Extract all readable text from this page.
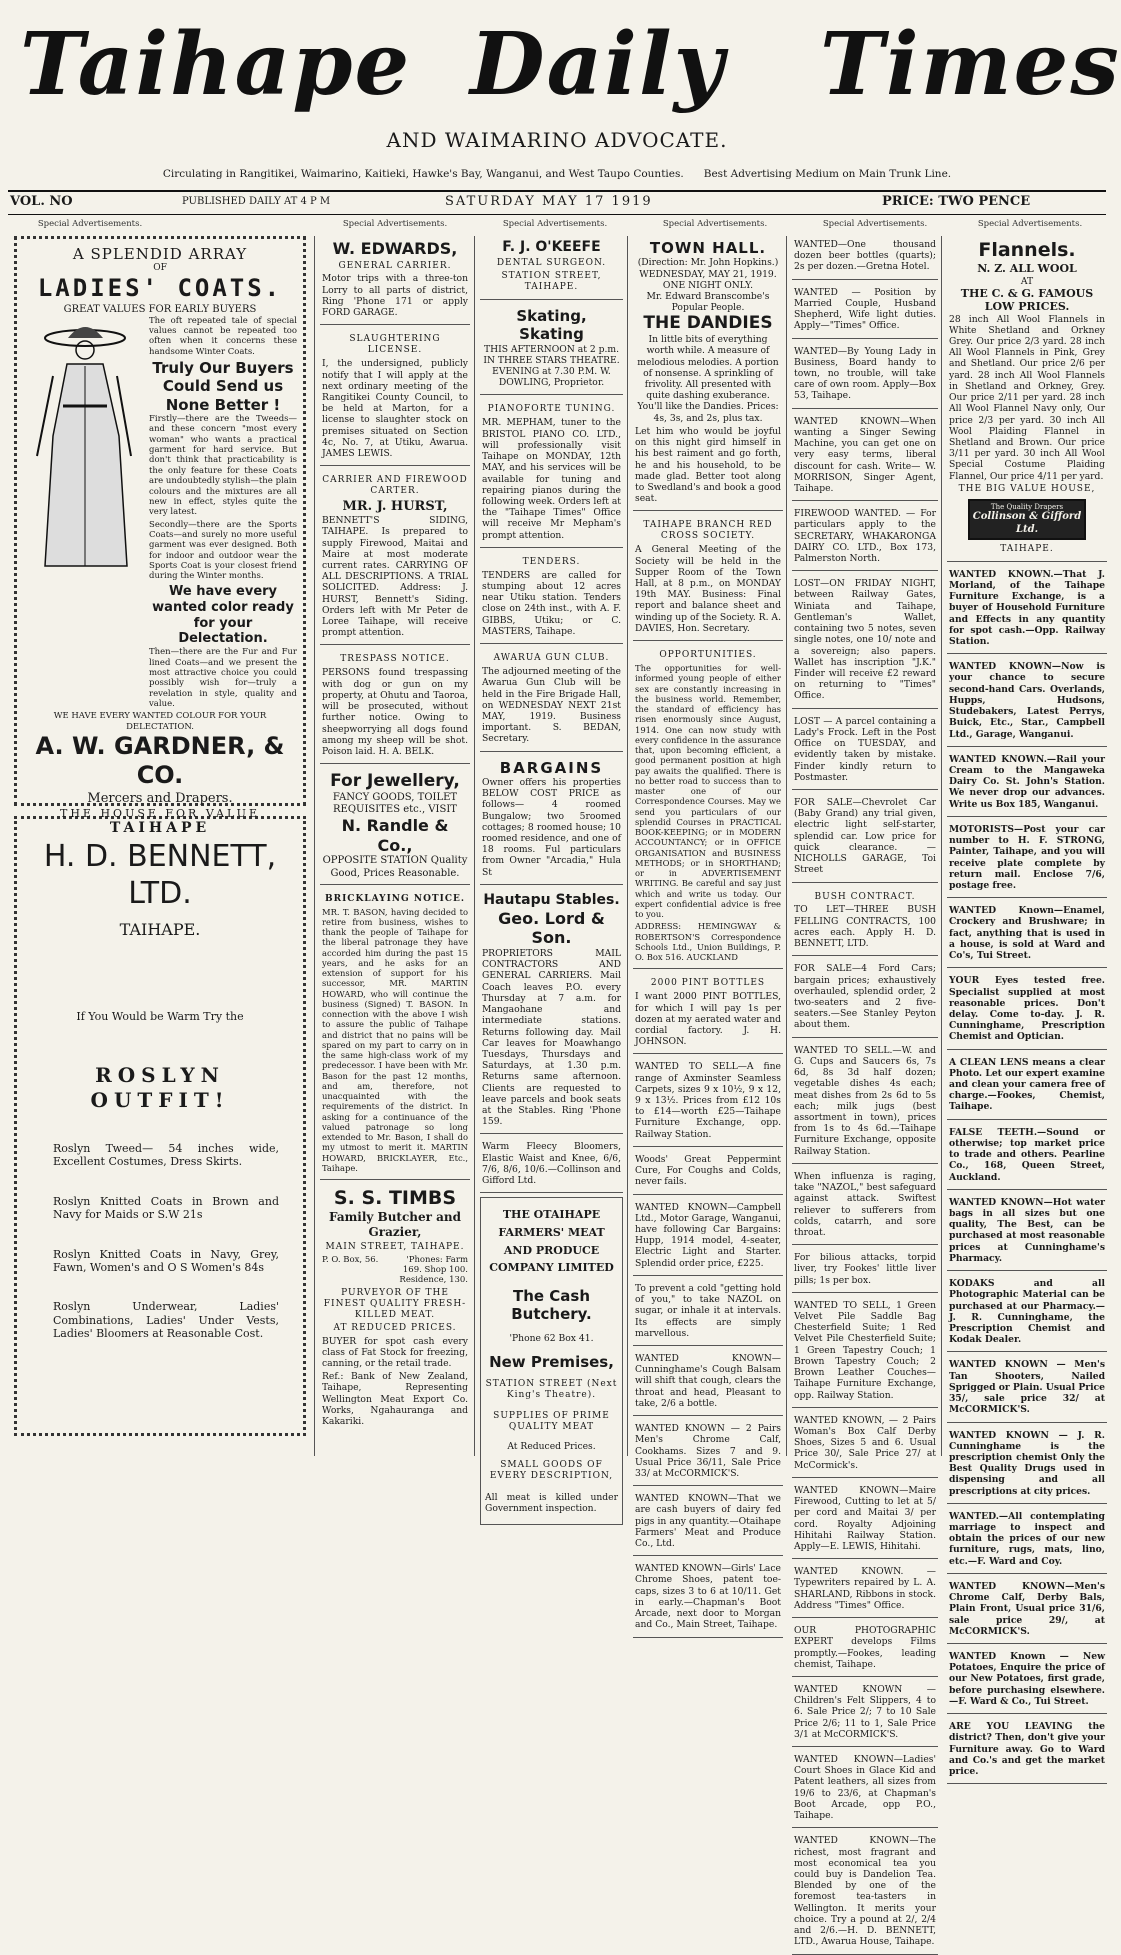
Taihape Daily Times
AND WAIMARINO ADVOCATE.
Circulating in Rangitikei, Waimarino, Kaitieki, Hawke's Bay, Wanganui, and West Taupo Counties. Best Advertising Medium on Main Trunk Line.
VOL. NO	PUBLISHED DAILY AT 4 P M	SATURDAY MAY 17 1919	PRICE: TWO PENCE
Special Advertisements.	Special Advertisements.	Special Advertisements.	Special Advertisements.	Special Advertisements.	Special Advertisements.
A SPLENDID ARRAY
OF
LADIES' COATS.
GREAT VALUES FOR EARLY BUYERS

The oft repeated tale of special values cannot be repeated too often when it concerns these handsome Winter Coats.

Truly Our Buyers Could Send us None Better !

Firstly—there are the Tweeds—and these concern "most every woman" who wants a practical garment for hard service. But don't think that practicability is the only feature for these Coats are undoubtedly stylish—the plain colours and the mixtures are all new in effect, styles quite the very latest.

Secondly—there are the Sports Coats—and surely no more useful garment was ever designed. Both for indoor and outdoor wear the Sports Coat is your closest friend during the Winter months.

We have every wanted color ready for your Delectation.

Then—there are the Fur and Fur lined Coats—and we present the most attractive choice you could possibly wish for—truly a revelation in style, quality and value.

WE HAVE EVERY WANTED COLOUR FOR YOUR DELECTATION.
A. W. GARDNER, & CO.
Mercers and Drapers.
THE HOUSE FOR VALUE
TAIHAPE
H. D. BENNETT, LTD.
TAIHAPE.
If You Would be Warm Try the
ROSLYN OUTFIT!

Roslyn Tweed— 54 inches wide, Excellent Costumes, Dress Skirts.

Roslyn Knitted Coats in Brown and Navy for Maids or S.W 21s

Roslyn Knitted Coats in Navy, Grey, Fawn, Women's and O S Women's 84s

Roslyn Underwear, Ladies' Combinations, Ladies' Under Vests, Ladies' Bloomers at Reasonable Cost.

W. EDWARDS,
GENERAL CARRIER.

Motor trips with a three-ton Lorry to all parts of district, Ring 'Phone 171 or apply FORD GARAGE.

SLAUGHTERING LICENSE.

I, the undersigned, publicly notify that I will apply at the next ordinary meeting of the Rangitikei County Council, to be held at Marton, for a license to slaughter stock on premises situated on Section 4c, No. 7, at Utiku, Awarua. JAMES LEWIS.

CARRIER AND FIREWOOD CARTER.
MR. J. HURST,

BENNETT'S SIDING, TAIHAPE. Is prepared to supply Firewood, Maitai and Maire at most moderate current rates. CARRYING OF ALL DESCRIPTIONS. A TRIAL SOLICITED. Address: J. HURST, Bennett's Siding. Orders left with Mr Peter de Loree Taihape, will receive prompt attention.

TRESPASS NOTICE.

PERSONS found trespassing with dog or gun on my property, at Ohutu and Taoroa, will be prosecuted, without further notice. Owing to sheepworrying all dogs found among my sheep will be shot. Poison laid. H. A. BELK.

For Jewellery,
FANCY GOODS, TOILET REQUISITES etc., VISIT
N. Randle & Co.,
OPPOSITE STATION Quality Good, Prices Reasonable.
BRICKLAYING NOTICE.

MR. T. BASON, having decided to retire from business, wishes to thank the people of Taihape for the liberal patronage they have accorded him during the past 15 years, and he asks for an extension of support for his successor, MR. MARTIN HOWARD, who will continue the business (Signed) T. BASON. In connection with the above I wish to assure the public of Taihape and district that no pains will be spared on my part to carry on in the same high-class work of my predecessor. I have been with Mr. Bason for the past 12 months, and am, therefore, not unacquainted with the requirements of the district. In asking for a continuance of the valued patronage so long extended to Mr. Bason, I shall do my utmost to merit it. MARTIN HOWARD, BRICKLAYER, Etc., Taihape.

S. S. TIMBS
Family Butcher and Grazier,
MAIN STREET, TAIHAPE.
P. O. Box, 56.	'Phones: Farm 169. Shop 100. Residence, 130.
PURVEYOR OF THE FINEST QUALITY FRESH-KILLED MEAT.
AT REDUCED PRICES.

BUYER for spot cash every class of Fat Stock for freezing, canning, or the retail trade.

Ref.: Bank of New Zealand, Taihape, Representing Wellington Meat Export Co. Works, Ngahauranga and Kakariki.

F. J. O'KEEFE
DENTAL SURGEON.
STATION STREET, TAIHAPE.
Skating, Skating

THIS AFTERNOON at 2 p.m. IN THREE STARS THEATRE. EVENING at 7.30 P.M. W. DOWLING, Proprietor.

PIANOFORTE TUNING.

MR. MEPHAM, tuner to the BRISTOL PIANO CO. LTD., will professionally visit Taihape on MONDAY, 12th MAY, and his services will be available for tuning and repairing pianos during the following week. Orders left at the "Taihape Times" Office will receive Mr Mepham's prompt attention.

TENDERS.

TENDERS are called for stumping about 12 acres near Utiku station. Tenders close on 24th inst., with A. F. GIBBS, Utiku; or C. MASTERS, Taihape.

AWARUA GUN CLUB.

The adjourned meeting of the Awarua Gun Club will be held in the Fire Brigade Hall, on WEDNESDAY NEXT 21st MAY, 1919. Business important. S. BEDAN, Secretary.

BARGAINS

Owner offers his properties BELOW COST PRICE as follows— 4 roomed Bungalow; two 5roomed cottages; 8 roomed house; 10 roomed residence, and one of 18 rooms. Ful particulars from Owner "Arcadia," Hula St

Hautapu Stables.
Geo. Lord & Son.

PROPRIETORS MAIL CONTRACTORS AND GENERAL CARRIERS. Mail Coach leaves P.O. every Thursday at 7 a.m. for Mangaohane and intermediate stations. Returns following day. Mail Car leaves for Moawhango Tuesdays, Thursdays and Saturdays, at 1.30 p.m. Returns same afternoon. Clients are requested to leave parcels and book seats at the Stables. Ring 'Phone 159.

Warm Fleecy Bloomers, Elastic Waist and Knee, 6/6, 7/6, 8/6, 10/6.—Collinson and Gifford Ltd.

THE OTAIHAPE FARMERS' MEAT AND PRODUCE COMPANY LIMITED
The Cash Butchery.
'Phone 62 Box 41.
New Premises,
STATION STREET (Next King's Theatre).
SUPPLIES OF PRIME QUALITY MEAT
At Reduced Prices.
SMALL GOODS OF EVERY DESCRIPTION,

All meat is killed under Government inspection.

TOWN HALL.
(Direction: Mr. John Hopkins.)
WEDNESDAY, MAY 21, 1919.
ONE NIGHT ONLY.
Mr. Edward Branscombe's Popular People.
THE DANDIES

In little bits of everything worth while. A measure of melodious melodies. A portion of nonsense. A sprinkling of frivolity. All presented with quite dashing exuberance. You'll like the Dandies. Prices: 4s, 3s, and 2s, plus tax.

Let him who would be joyful on this night gird himself in his best raiment and go forth, he and his household, to be made glad. Better toot along to Swedland's and book a good seat.

TAIHAPE BRANCH RED CROSS SOCIETY.

A General Meeting of the Society will be held in the Supper Room of the Town Hall, at 8 p.m., on MONDAY 19th MAY. Business: Final report and balance sheet and winding up of the Society. R. A. DAVIES, Hon. Secretary.

OPPORTUNITIES.

The opportunities for well-informed young people of either sex are constantly increasing in the business world. Remember, the standard of efficiency has risen enormously since August, 1914. One can now study with every confidence in the assurance that, upon becoming efficient, a good permanent position at high pay awaits the qualified. There is no better road to success than to master one of our Correspondence Courses. May we send you particulars of our splendid Courses in PRACTICAL BOOK-KEEPING; or in MODERN ACCOUNTANCY; or in OFFICE ORGANISATION and BUSINESS METHODS; or in SHORTHAND; or in ADVERTISEMENT WRITING. Be careful and say just which and write us today. Our expert confidential advice is free to you.

ADDRESS: HEMINGWAY & ROBERTSON'S Correspondence Schools Ltd., Union Buildings, P. O. Box 516. AUCKLAND

2000 PINT BOTTLES

I want 2000 PINT BOTTLES, for which I will pay 1s per dozen at my aerated water and cordial factory. J. H. JOHNSON.

WANTED TO SELL—A fine range of Axminster Seamless Carpets, sizes 9 x 10½, 9 x 12, 9 x 13½. Prices from £12 10s to £14—worth £25—Taihape Furniture Exchange, opp. Railway Station.

Woods' Great Peppermint Cure, For Coughs and Colds, never fails.

WANTED KNOWN—Campbell Ltd., Motor Garage, Wanganui, have following Car Bargains: Hupp, 1914 model, 4-seater, Electric Light and Starter. Splendid order price, £225.

To prevent a cold "getting hold of you," to take NAZOL on sugar, or inhale it at intervals. Its effects are simply marvellous.

WANTED KNOWN—Cunninghame's Cough Balsam will shift that cough, clears the throat and head, Pleasant to take, 2/6 a bottle.

WANTED KNOWN — 2 Pairs Men's Chrome Calf, Cookhams. Sizes 7 and 9. Usual Price 36/11, Sale Price 33/ at McCORMICK'S.

WANTED KNOWN—That we are cash buyers of dairy fed pigs in any quantity.—Otaihape Farmers' Meat and Produce Co., Ltd.

WANTED KNOWN—Girls' Lace Chrome Shoes, patent toe-caps, sizes 3 to 6 at 10/11. Get in early.—Chapman's Boot Arcade, next door to Morgan and Co., Main Street, Taihape.

WANTED—One thousand dozen beer bottles (quarts); 2s per dozen.—Gretna Hotel.

WANTED — Position by Married Couple, Husband Shepherd, Wife light duties. Apply—"Times" Office.

WANTED—By Young Lady in Business, Board handy to town, no trouble, will take care of own room. Apply—Box 53, Taihape.

WANTED KNOWN—When wanting a Singer Sewing Machine, you can get one on very easy terms, liberal discount for cash. Write— W. MORRISON, Singer Agent, Taihape.

FIREWOOD WANTED. — For particulars apply to the SECRETARY, WHAKARONGA DAIRY CO. LTD., Box 173, Palmerston North.

LOST—ON FRIDAY NIGHT, between Railway Gates, Winiata and Taihape, Gentleman's Wallet, containing two 5 notes, seven single notes, one 10/ note and a sovereign; also papers. Wallet has inscription "J.K." Finder will receive £2 reward on returning to "Times" Office.

LOST — A parcel containing a Lady's Frock. Left in the Post Office on TUESDAY, and evidently taken by mistake. Finder kindly return to Postmaster.

FOR SALE—Chevrolet Car (Baby Grand) any trial given, electric light self-starter, splendid car. Low price for quick clearance. — NICHOLLS GARAGE, Toi Street

BUSH CONTRACT.

TO LET—THREE BUSH FELLING CONTRACTS, 100 acres each. Apply H. D. BENNETT, LTD.

FOR SALE—4 Ford Cars; bargain prices; exhaustively overhauled, splendid order, 2 two-seaters and 2 five-seaters.—See Stanley Peyton about them.

WANTED TO SELL.—W. and G. Cups and Saucers 6s, 7s 6d, 8s 3d half dozen; vegetable dishes 4s each; meat dishes from 2s 6d to 5s each; milk jugs (best assortment in town), prices from 1s to 4s 6d.—Taihape Furniture Exchange, opposite Railway Station.

When influenza is raging, take "NAZOL," best safeguard against attack. Swiftest reliever to sufferers from colds, catarrh, and sore throat.

For bilious attacks, torpid liver, try Fookes' little liver pills; 1s per box.

WANTED TO SELL, 1 Green Velvet Pile Saddle Bag Chesterfield Suite; 1 Red Velvet Pile Chesterfield Suite; 1 Green Tapestry Couch; 1 Brown Tapestry Couch; 2 Brown Leather Couches—Taihape Furniture Exchange, opp. Railway Station.

WANTED KNOWN, — 2 Pairs Woman's Box Calf Derby Shoes, Sizes 5 and 6. Usual Price 30/, Sale Price 27/ at McCormick's.

WANTED KNOWN—Maire Firewood, Cutting to let at 5/ per cord and Maitai 3/ per cord. Royalty Adjoining Hihitahi Railway Station. Apply—E. LEWIS, Hihitahi.

WANTED KNOWN. — Typewriters repaired by L. A. SHARLAND, Ribbons in stock. Address "Times" Office.

OUR PHOTOGRAPHIC EXPERT develops Films promptly.—Fookes, leading chemist, Taihape.

WANTED KNOWN — Children's Felt Slippers, 4 to 6. Sale Price 2/; 7 to 10 Sale Price 2/6; 11 to 1, Sale Price 3/1 at McCORMICK'S.

WANTED KNOWN—Ladies' Court Shoes in Glace Kid and Patent leathers, all sizes from 19/6 to 23/6, at Chapman's Boot Arcade, opp P.O., Taihape.

WANTED KNOWN—The richest, most fragrant and most economical tea you could buy is Dandelion Tea. Blended by one of the foremost tea-tasters in Wellington. It merits your choice. Try a pound at 2/, 2/4 and 2/6.—H. D. BENNETT, LTD., Awarua House, Taihape.

Flannels.
N. Z. ALL WOOL
AT
THE C. & G. FAMOUS LOW PRICES.

28 inch All Wool Flannels in White Shetland and Orkney Grey. Our price 2/3 yard. 28 inch All Wool Flannels in Pink, Grey and Shetland. Our price 2/6 per yard. 28 inch All Wool Flannels in Shetland and Orkney, Grey. Our price 2/11 per yard. 28 inch All Wool Flannel Navy only, Our price 2/3 per yard. 30 inch All Wool Plaiding Flannel in Shetland and Brown. Our price 3/11 per yard. 30 inch All Wool Special Costume Plaiding Flannel, Our price 4/11 per yard.

THE BIG VALUE HOUSE,
The Quality Drapers
Collinson & Gifford Ltd.
TAIHAPE.

WANTED KNOWN.—That J. Morland, of the Taihape Furniture Exchange, is a buyer of Household Furniture and Effects in any quantity for spot cash.—Opp. Railway Station.

WANTED KNOWN—Now is your chance to secure second-hand Cars. Overlands, Hupps, Hudsons, Studebakers, Latest Perrys, Buick, Etc., Star., Campbell Ltd., Garage, Wanganui.

WANTED KNOWN.—Rail your Cream to the Mangaweka Dairy Co. St. John's Station. We never drop our advances. Write us Box 185, Wanganui.

MOTORISTS—Post your car number to H. F. STRONG, Painter, Taihape, and you will receive plate complete by return mail. Enclose 7/6, postage free.

WANTED Known—Enamel, Crockery and Brushware; in fact, anything that is used in a house, is sold at Ward and Co's, Tui Street.

YOUR Eyes tested free. Specialist supplied at most reasonable prices. Don't delay. Come to-day. J. R. Cunninghame, Prescription Chemist and Optician.

A CLEAN LENS means a clear Photo. Let our expert examine and clean your camera free of charge.—Fookes, Chemist, Taihape.

FALSE TEETH.—Sound or otherwise; top market price to trade and others. Pearline Co., 168, Queen Street, Auckland.

WANTED KNOWN—Hot water bags in all sizes but one quality, The Best, can be purchased at most reasonable prices at Cunninghame's Pharmacy.

KODAKS and all Photographic Material can be purchased at our Pharmacy.—J. R. Cunninghame, the Prescription Chemist and Kodak Dealer.

WANTED KNOWN — Men's Tan Shooters, Nailed Sprigged or Plain. Usual Price 35/, sale price 32/ at McCORMICK'S.

WANTED KNOWN — J. R. Cunninghame is the prescription chemist Only the Best Quality Drugs used in dispensing and all prescriptions at city prices.

WANTED.—All contemplating marriage to inspect and obtain the prices of our new furniture, rugs, mats, lino, etc.—F. Ward and Coy.

WANTED KNOWN—Men's Chrome Calf, Derby Bals, Plain Front, Usual price 31/6, sale price 29/, at McCORMICK'S.

WANTED Known — New Potatoes, Enquire the price of our New Potatoes, first grade, before purchasing elsewhere.—F. Ward & Co., Tui Street.

ARE YOU LEAVING the district? Then, don't give your Furniture away. Go to Ward and Co.'s and get the market price.
